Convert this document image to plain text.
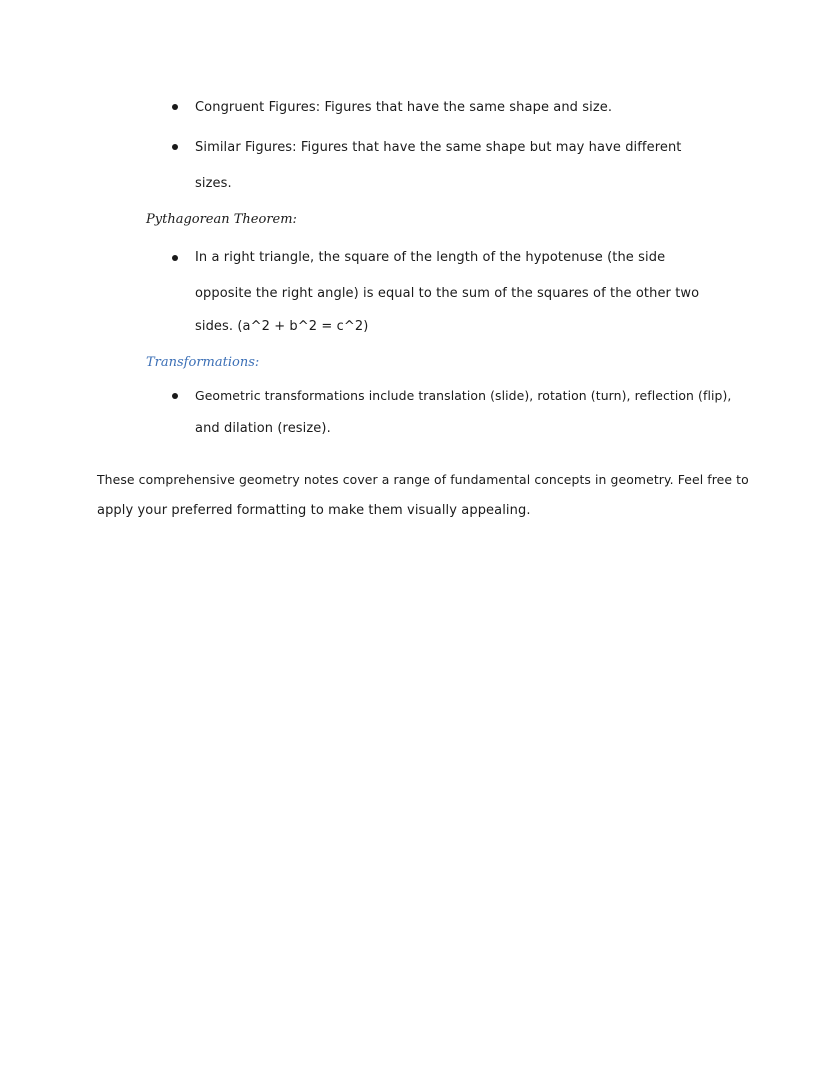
Congruent Figures: Figures that have the same shape and size.
Similar Figures: Figures that have the same shape but may have different
sizes.
Pythagorean Theorem:
In a right triangle, the square of the length of the hypotenuse (the side
opposite the right angle) is equal to the sum of the squares of the other two
sides. (a^2 + b^2 = c^2)
Transformations:
Geometric transformations include translation (slide), rotation (turn), reflection (flip),
and dilation (resize).
These comprehensive geometry notes cover a range of fundamental concepts in geometry. Feel free to
apply your preferred formatting to make them visually appealing.
